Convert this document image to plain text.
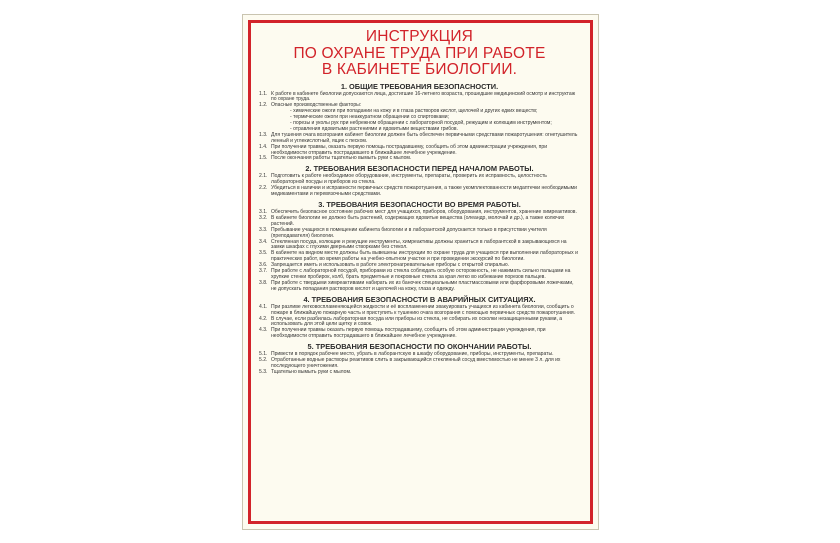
ИНСТРУКЦИЯ
ПО ОХРАНЕ ТРУДА ПРИ РАБОТЕ
В КАБИНЕТЕ БИОЛОГИИ.
1. ОБЩИЕ ТРЕБОВАНИЯ БЕЗОПАСНОСТИ.
1.1. К работе в кабинете биологии допускаются лица, достигшие 16-летнего возраста, прошедшие медицинский осмотр и инструктаж по охране труда.
1.2. Опасные производственные факторы:
- химические ожоги при попадании на кожу и в глаза растворов кислот, щелочей и других едких веществ;
- термические ожоги при неаккуратном обращении со спиртовками;
- порезы и уколы рук при небрежном обращении с лабораторной посудой, режущим и колющим инструментом;
- отравления ядовитыми растениями и ядовитыми веществами грибов.
1.3. Для тушения очага возгорания кабинет биологии должен быть обеспечен первичными средствами пожаротушения: огнетушитель ленный и углекислотный, ящик с песком.
1.4. При получении травмы, оказать первую помощь пострадавшему, сообщить об этом администрации учреждения, при необходимости отправить пострадавшего в ближайшее лечебное учреждение.
1.5. После окончания работы тщательно вымыть руки с мылом.
2. ТРЕБОВАНИЯ БЕЗОПАСНОСТИ ПЕРЕД НАЧАЛОМ РАБОТЫ.
2.1. Подготовить к работе необходимое оборудование, инструменты, препараты, проверить их исправность, целостность лабораторной посуды и приборов из стекла.
2.2. Убедиться в наличии и исправности первичных средств пожаротушения, а также укомплектованности медаптечки необходимыми медикаментами и перевязочными средствами.
3. ТРЕБОВАНИЯ БЕЗОПАСНОСТИ ВО ВРЕМЯ РАБОТЫ.
3.1. Обеспечить безопасное состояние рабочих мест для учащихся, приборов, оборудования, инструментов, хранение химреактивов.
3.2. В кабинете биологии не должно быть растений, содержащих ядовитые вещества (олеандр, молочай и др.), а также колючих растений.
3.3. Пребывание учащихся в помещении кабинета биологии и в лаборантской допускается только в присутствии учителя (преподавателя) биологии.
3.4. Стеклянная посуда, колющие и режущие инструменты, химреактивы должны храниться в лаборантской в закрывающихся на замки шкафах с глухими дверными створками без стекол.
3.5. В кабинете на видном месте должны быть вывешены инструкции по охране труда для учащихся при выполнении лабораторных и практических работ, во время работы на учебно-опытном участке и при проведении экскурсий по биологии.
3.6. Запрещается иметь и использовать в работе электронагревательные приборы с открытой спиралью.
3.7. При работе с лабораторной посудой, приборами из стекла соблюдать особую осторожность, не нажимать сильно пальцами на хрупкие стенки пробирок, колб, брать предметные и покровные стекла за края легко во избежание порезов пальцев.
3.8. При работе с твердыми химреактивами набирать их из баночек специальными пластмассовыми или фарфоровыми ложечками, не допускать попадания растворов кислот и щелочей на кожу, глаза и одежду.
4. ТРЕБОВАНИЯ БЕЗОПАСНОСТИ В АВАРИЙНЫХ СИТУАЦИЯХ.
4.1. При разливе легковоспламеняющейся жидкости и её воспламенении эвакуировать учащихся из кабинета биологии, сообщить о пожаре в ближайшую пожарную часть и приступить к тушению очага возгорания с помощью первичных средств пожаротушения.
4.2. В случае, если разбилась лабораторная посуда или приборы из стекла, не собирать их осколки незащищенными руками, а использовать для этой цели щетку и совок.
4.3. При получении травмы оказать первую помощь пострадавшему, сообщить об этом администрации учреждения, при необходимости отправить пострадавшего в ближайшее лечебное учреждение.
5. ТРЕБОВАНИЯ БЕЗОПАСНОСТИ ПО ОКОНЧАНИИ РАБОТЫ.
5.1. Привести в порядок рабочее место, убрать в лаборантскую в шкафу оборудование, приборы, инструменты, препараты.
5.2. Отработанные водные растворы реактивов слить в закрывающийся стеклянный сосуд вместимостью не менее 3 л. для их последующего уничтожения.
5.3. Тщательно вымыть руки с мылом.
